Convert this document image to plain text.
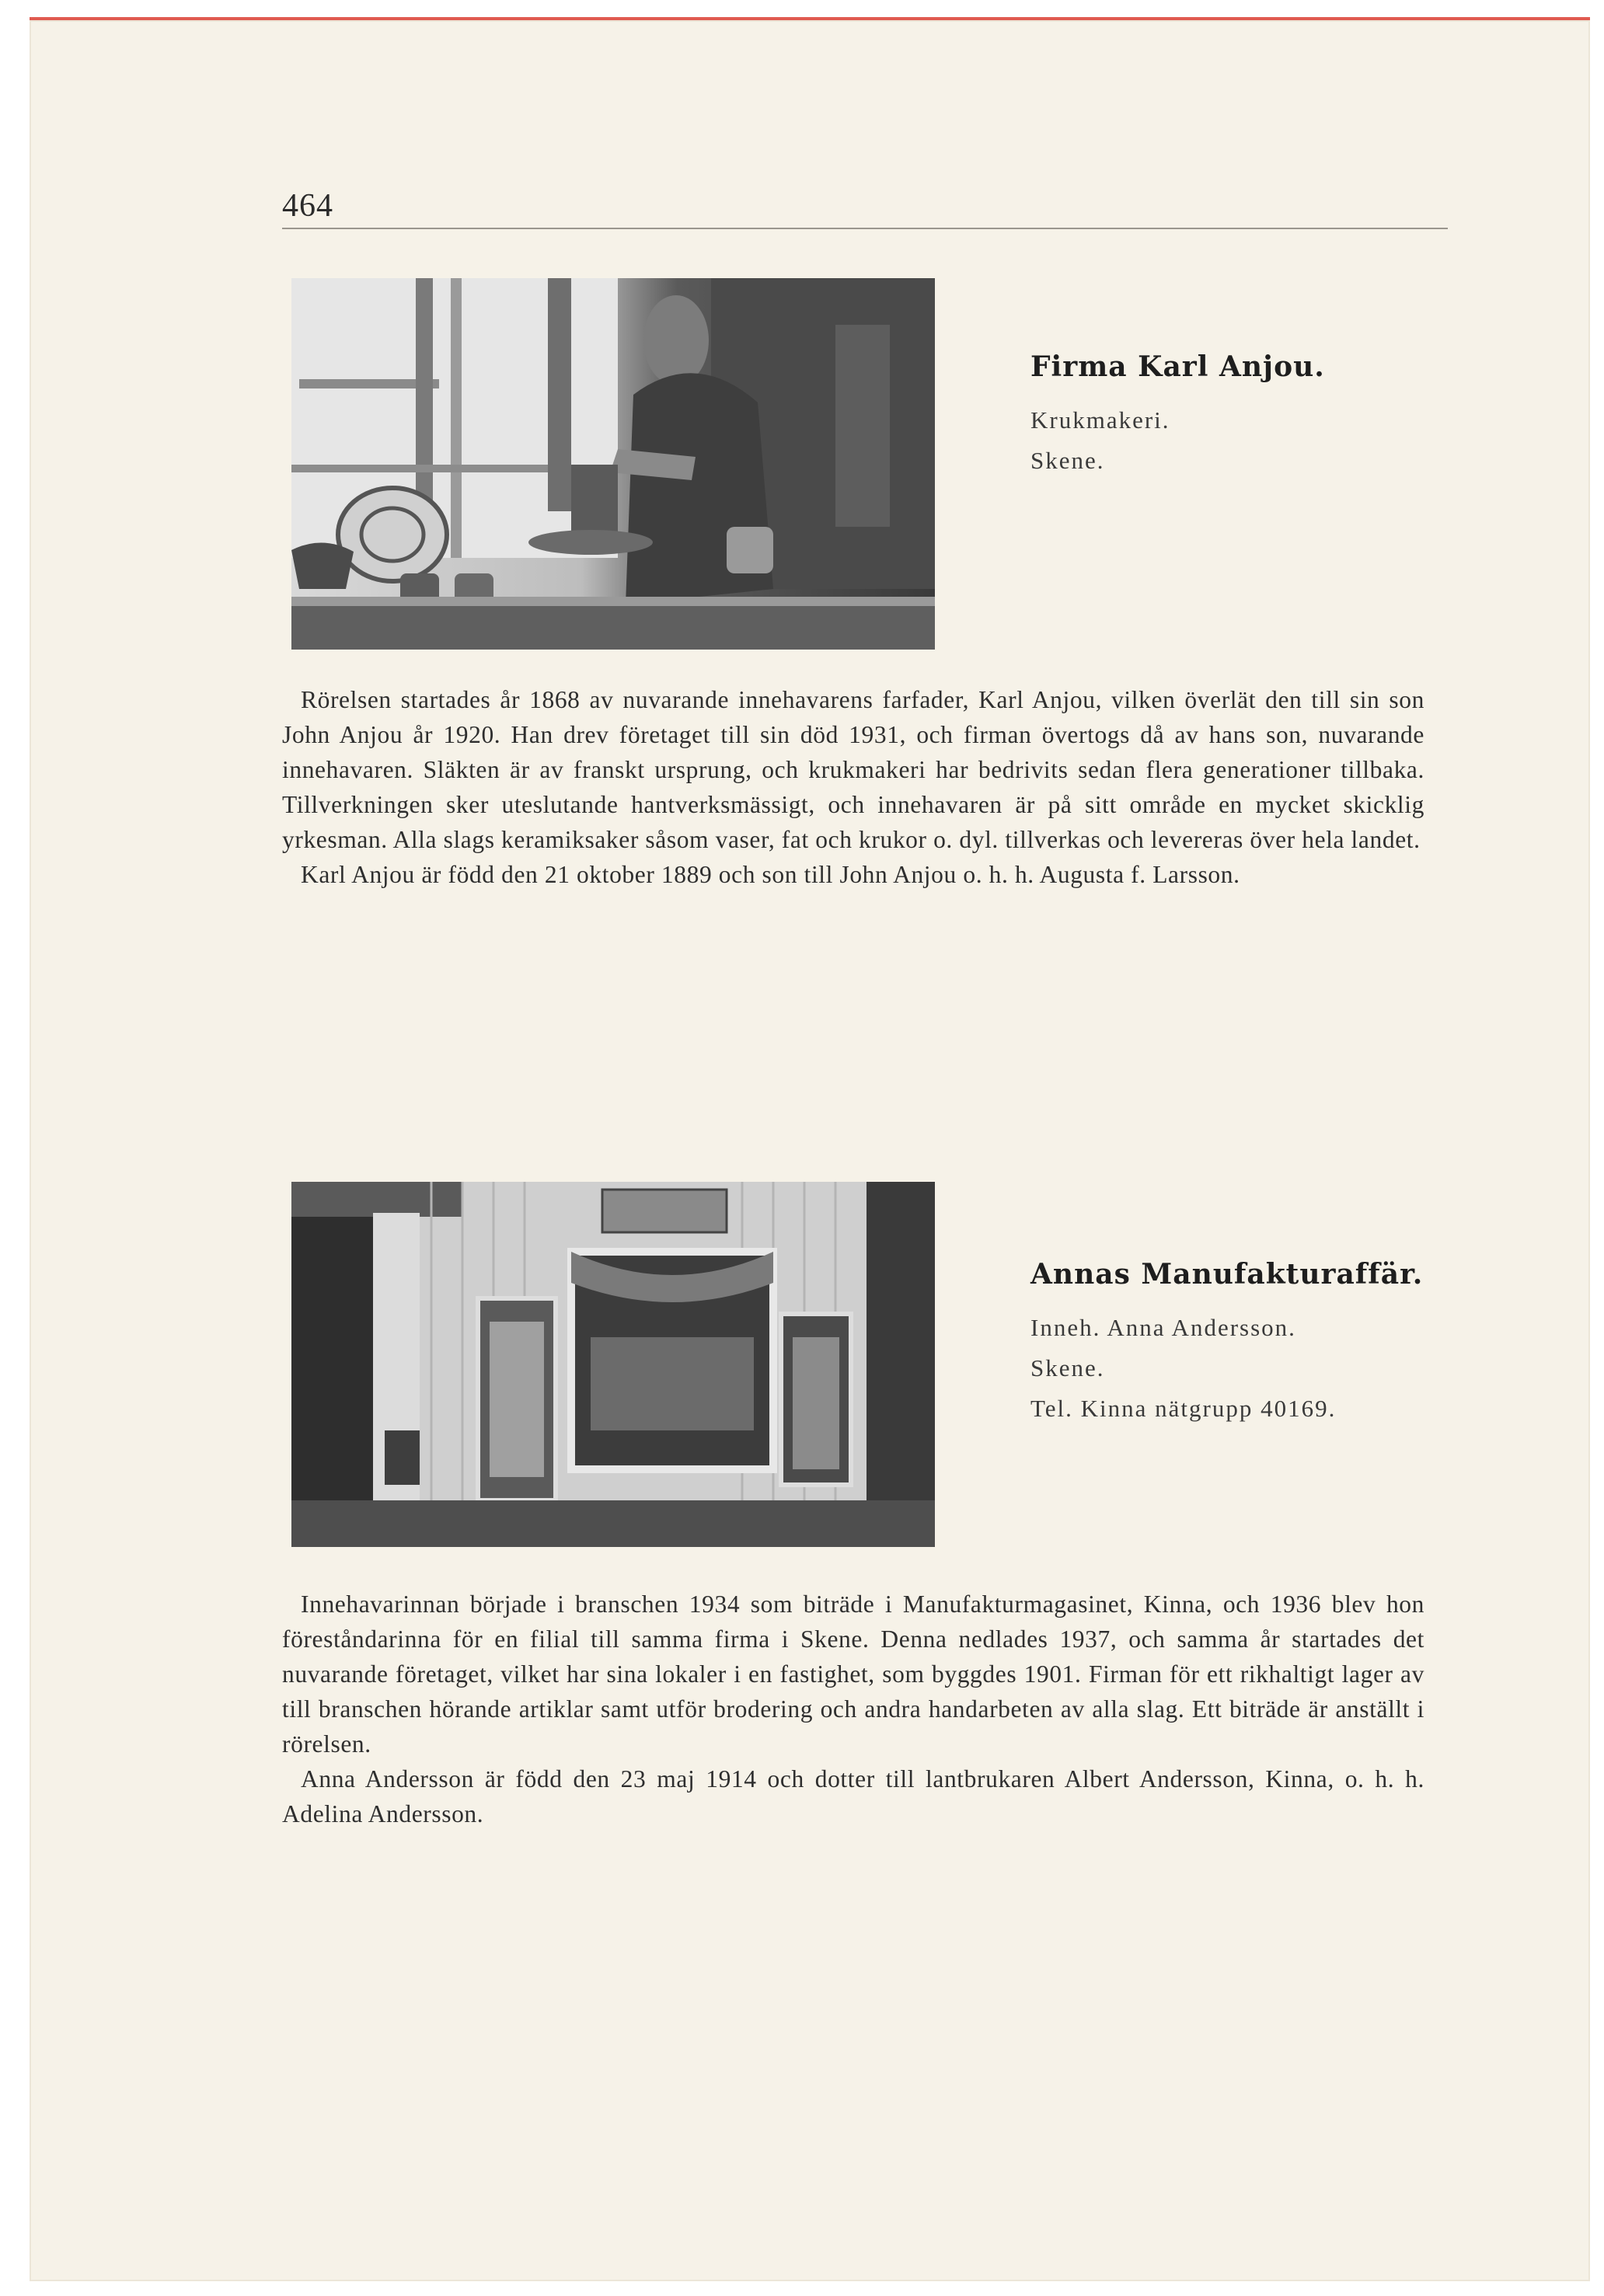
464
Firma Karl Anjou.
Krukmakeri.
Skene.

Rörelsen startades år 1868 av nuvarande innehavarens farfader, Karl Anjou, vilken överlät den till sin son John Anjou år 1920. Han drev företaget till sin död 1931, och firman övertogs då av hans son, nuvarande innehavaren. Släkten är av franskt ursprung, och krukmakeri har bedrivits sedan flera generationer tillbaka. Tillverkningen sker uteslutande hantverksmässigt, och innehavaren är på sitt område en mycket skicklig yrkesman. Alla slags keramiksaker såsom vaser, fat och krukor o. dyl. tillverkas och levereras över hela landet.

Karl Anjou är född den 21 oktober 1889 och son till John Anjou o. h. h. Augusta f. Larsson.

Annas Manufakturaffär.
Inneh. Anna Andersson.
Skene.
Tel. Kinna nätgrupp 40169.

Innehavarinnan började i branschen 1934 som biträde i Manufakturmagasinet, Kinna, och 1936 blev hon föreståndarinna för en filial till samma firma i Skene. Denna nedlades 1937, och samma år startades det nuvarande företaget, vilket har sina lokaler i en fastighet, som byggdes 1901. Firman för ett rikhaltigt lager av till branschen hörande artiklar samt utför brodering och andra handarbeten av alla slag. Ett biträde är anställt i rörelsen.

Anna Andersson är född den 23 maj 1914 och dotter till lantbrukaren Albert Andersson, Kinna, o. h. h. Adelina Andersson.
